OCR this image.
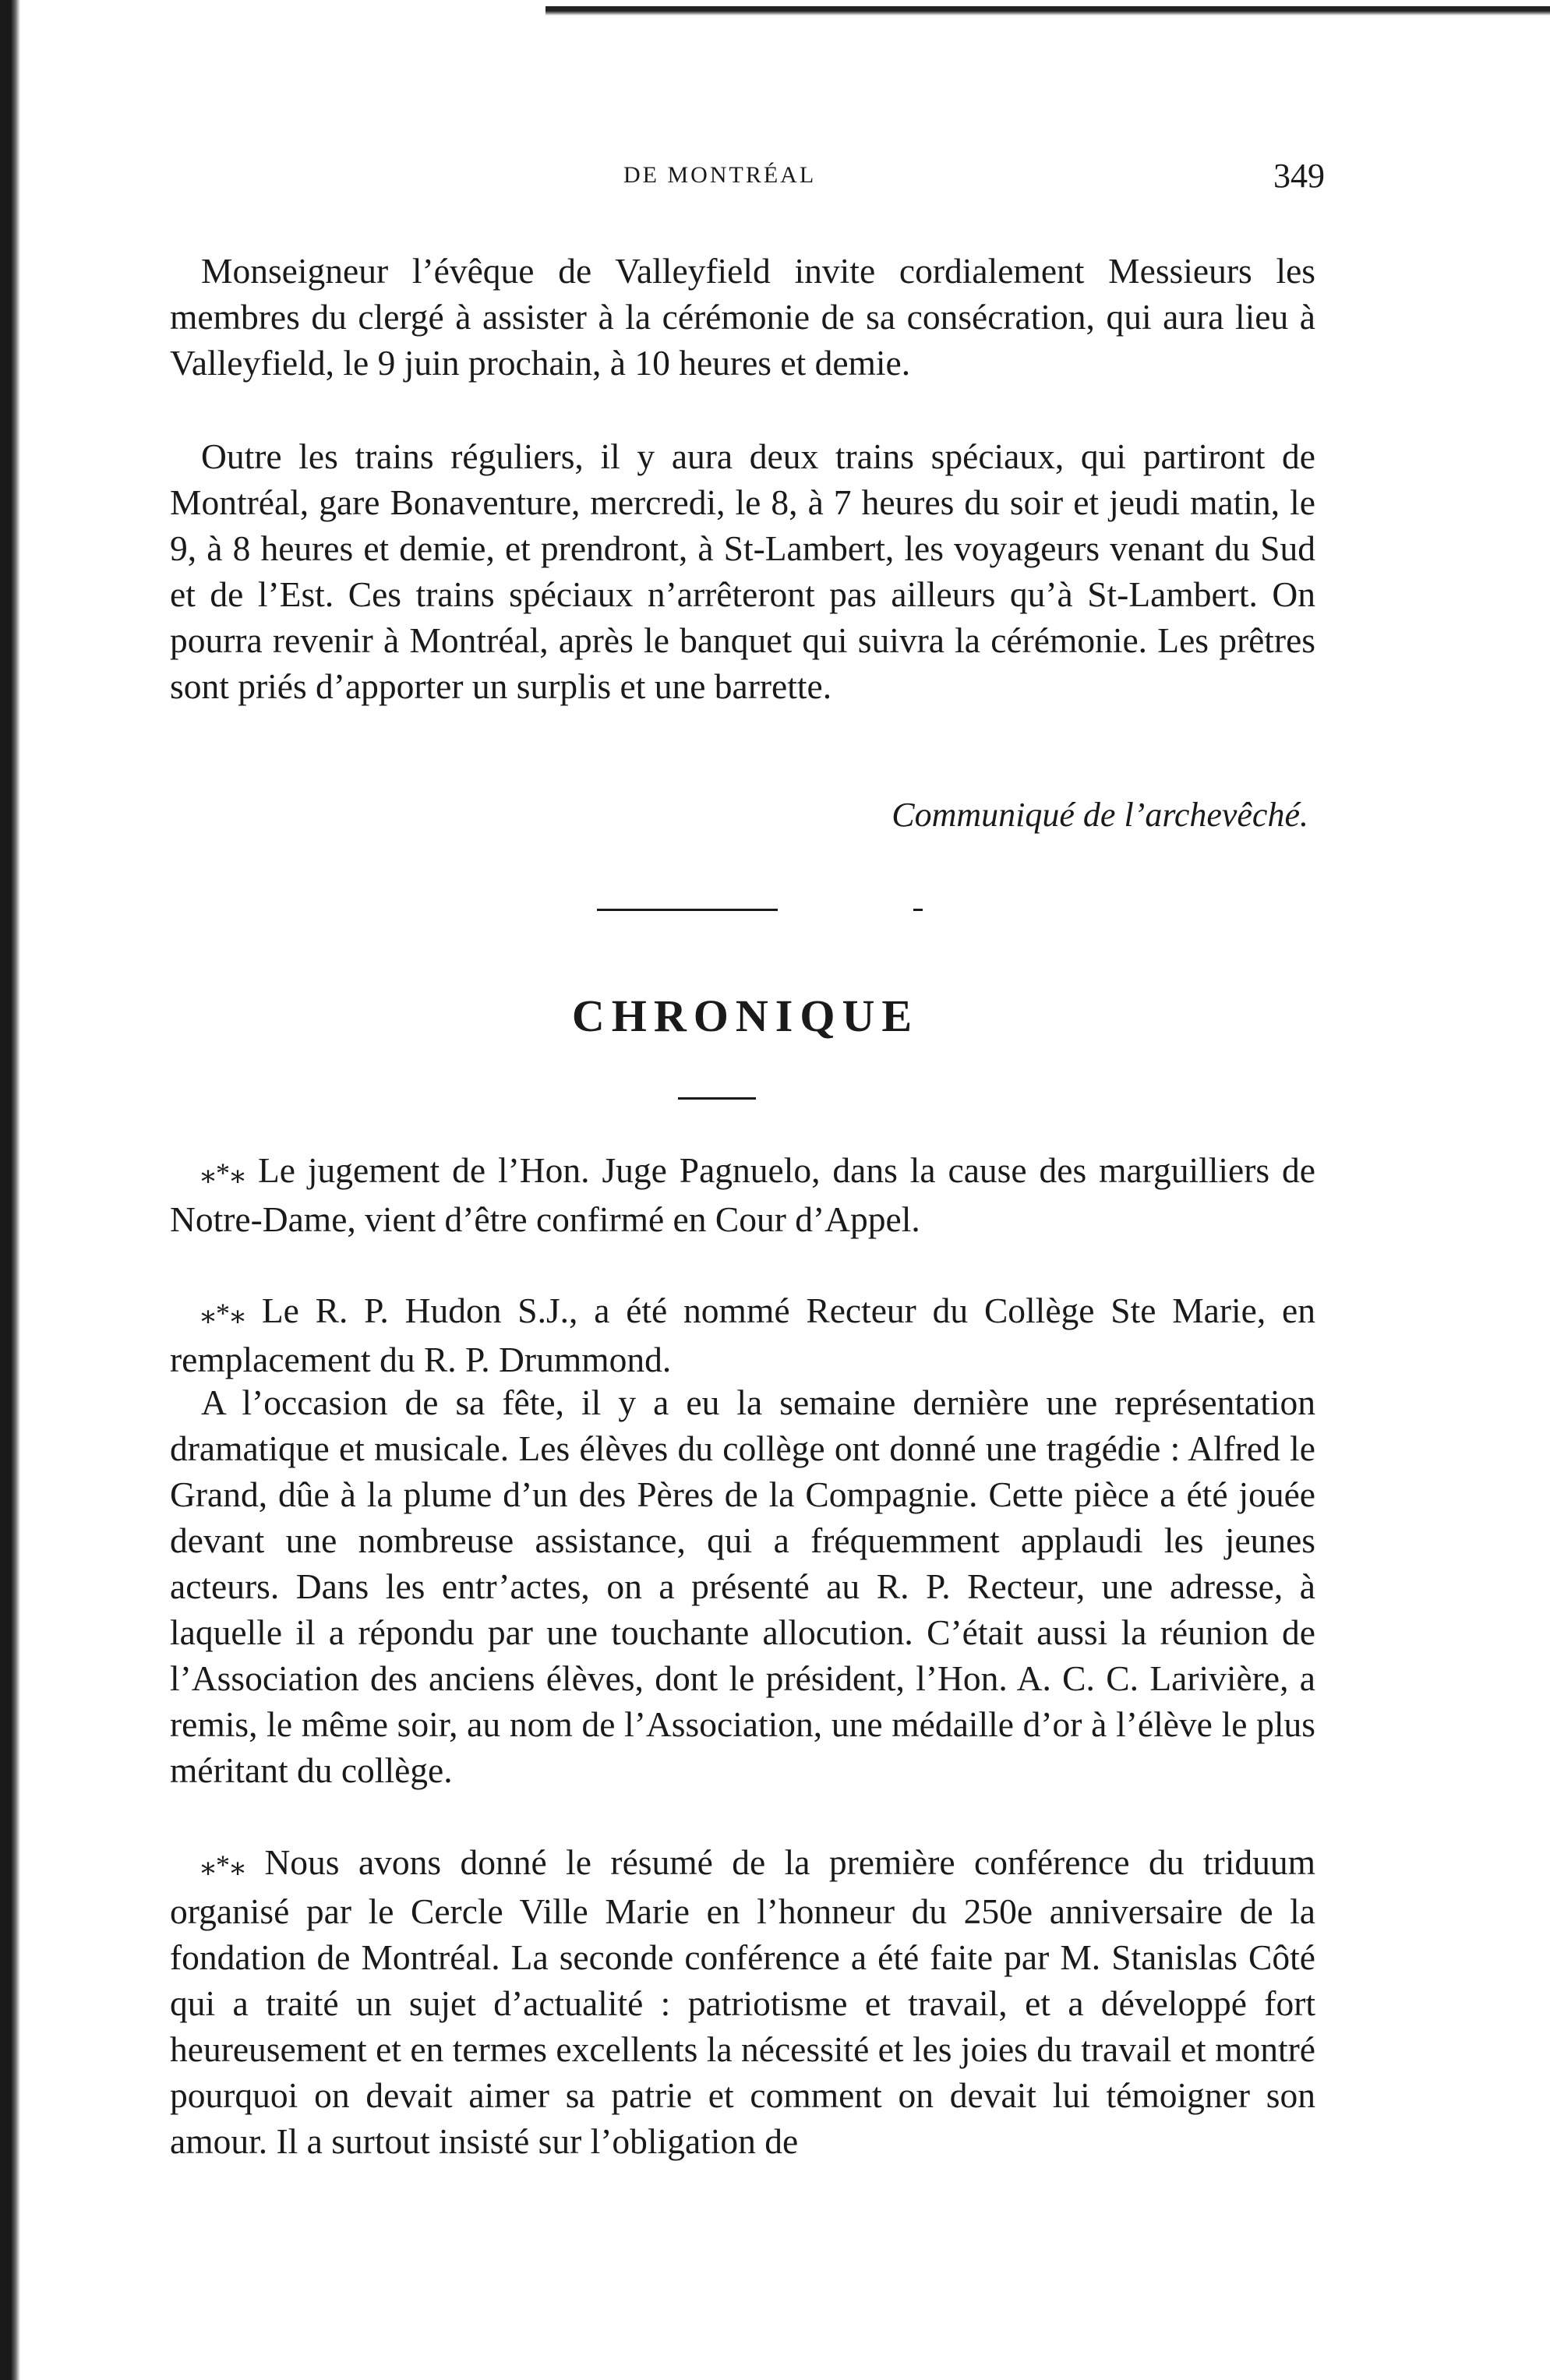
DE MONTRÉAL	349

Monseigneur l’évêque de Valleyfield invite cordialement Messieurs les membres du clergé à assister à la cérémonie de sa consécration, qui aura lieu à Valleyfield, le 9 juin prochain, à 10 heures et demie.

Outre les trains réguliers, il y aura deux trains spéciaux, qui partiront de Montréal, gare Bonaventure, mercredi, le 8, à 7 heures du soir et jeudi matin, le 9, à 8 heures et demie, et prendront, à St-Lambert, les voyageurs venant du Sud et de l’Est. Ces trains spéciaux n’arrêteront pas ailleurs qu’à St-Lambert. On pourra revenir à Montréal, après le banquet qui suivra la cérémonie. Les prêtres sont priés d’apporter un surplis et une barrette.

Communiqué de l’archevêché.
CHRONIQUE

⁎*⁎ Le jugement de l’Hon. Juge Pagnuelo, dans la cause des marguilliers de Notre-Dame, vient d’être confirmé en Cour d’Appel.

⁎*⁎ Le R. P. Hudon S.J., a été nommé Recteur du Collège Ste Marie, en remplacement du R. P. Drummond.

A l’occasion de sa fête, il y a eu la semaine dernière une représentation dramatique et musicale. Les élèves du collège ont donné une tragédie : Alfred le Grand, dûe à la plume d’un des Pères de la Compagnie. Cette pièce a été jouée devant une nombreuse assistance, qui a fréquemment applaudi les jeunes acteurs. Dans les entr’actes, on a présenté au R. P. Recteur, une adresse, à laquelle il a répondu par une touchante allocution. C’était aussi la réunion de l’Association des anciens élèves, dont le président, l’Hon. A. C. C. Larivière, a remis, le même soir, au nom de l’Association, une médaille d’or à l’élève le plus méritant du collège.

⁎*⁎ Nous avons donné le résumé de la première conférence du triduum organisé par le Cercle Ville Marie en l’honneur du 250e anniversaire de la fondation de Montréal. La seconde conférence a été faite par M. Stanislas Côté qui a traité un sujet d’actualité : patriotisme et travail, et a développé fort heureusement et en termes excellents la nécessité et les joies du travail et montré pourquoi on devait aimer sa patrie et comment on devait lui témoigner son amour. Il a surtout insisté sur l’obligation de
